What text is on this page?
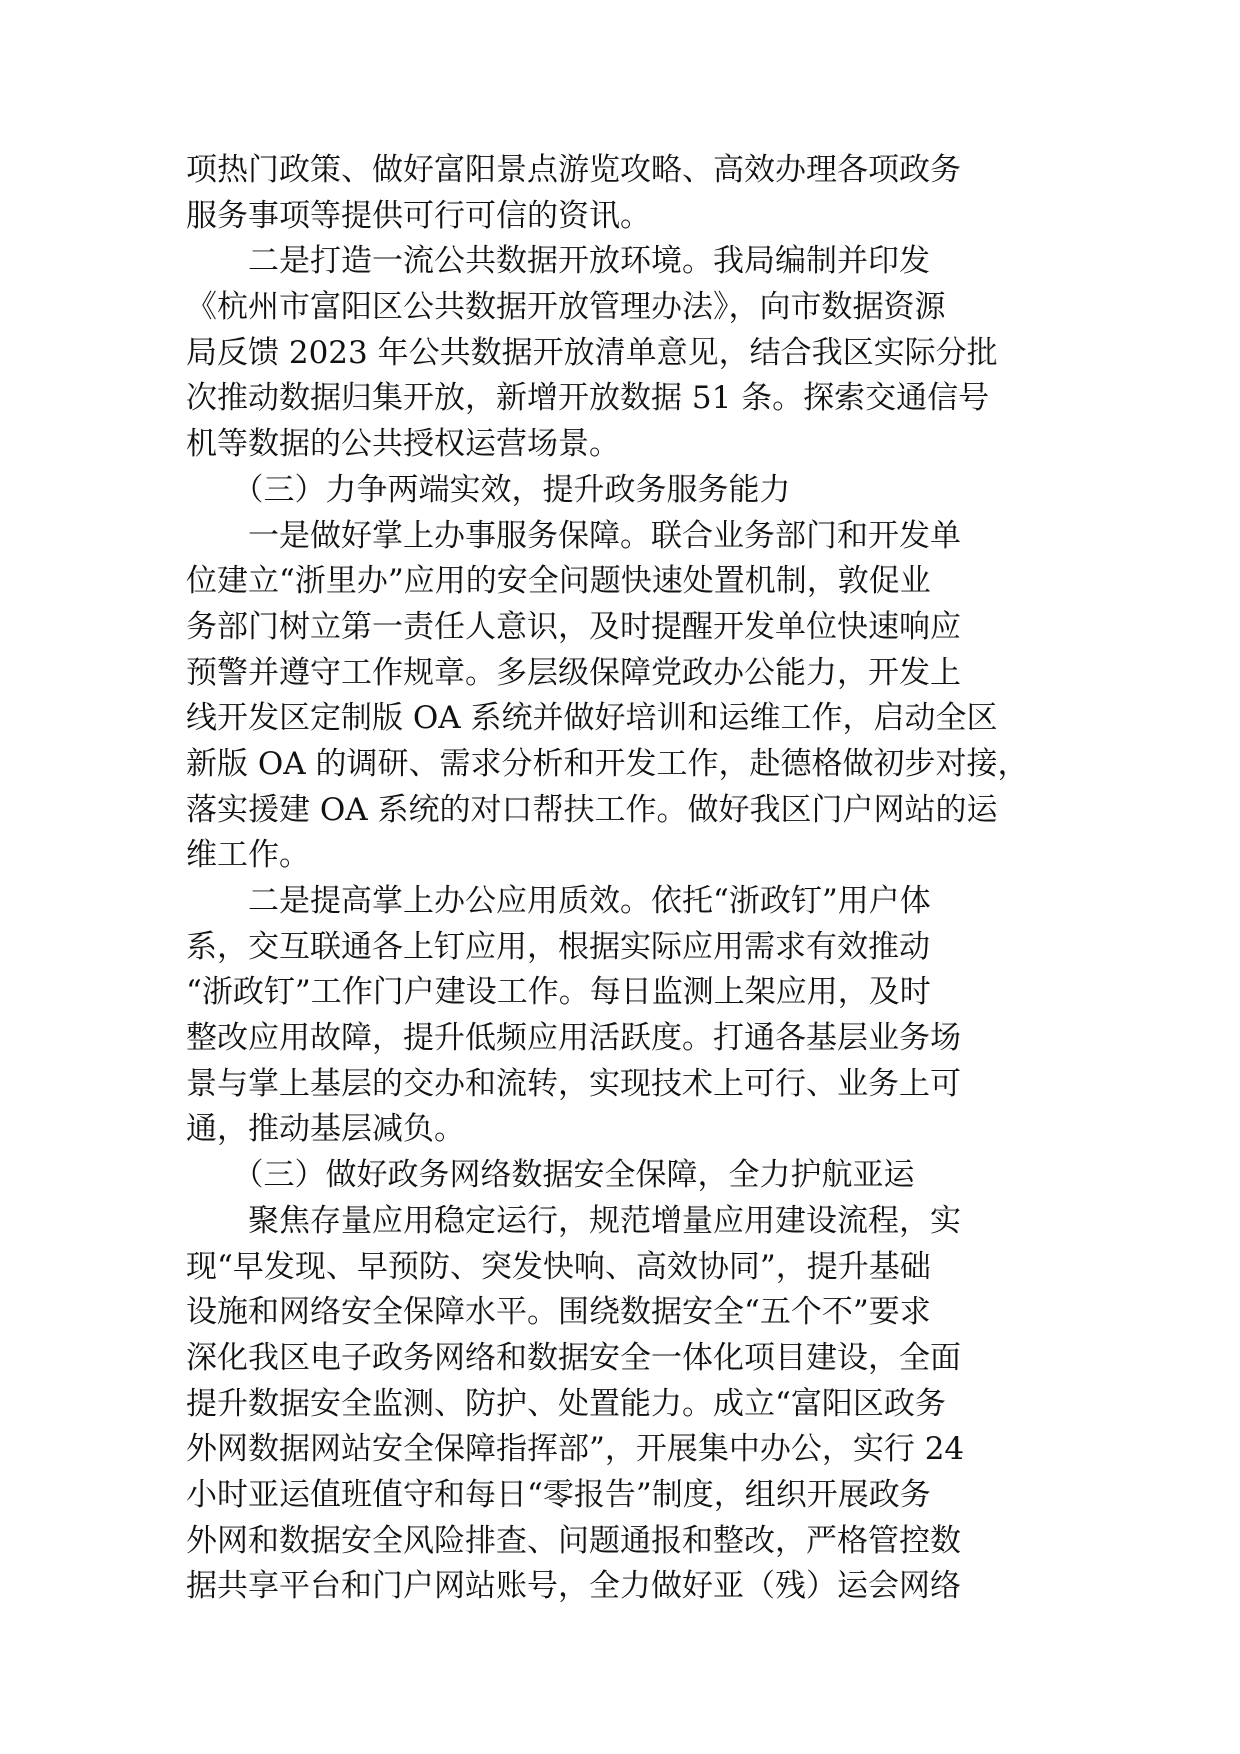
项热门政策、做好富阳景点游览攻略、高效办理各项政务
服务事项等提供可行可信的资讯。
　　二是打造一流公共数据开放环境。我局编制并印发
《杭州市富阳区公共数据开放管理办法》，向市数据资源
局反馈 2023 年公共数据开放清单意见，结合我区实际分批
次推动数据归集开放，新增开放数据 51 条。探索交通信号
机等数据的公共授权运营场景。
　　（三）力争两端实效，提升政务服务能力
　　一是做好掌上办事服务保障。联合业务部门和开发单
位建立“浙里办”应用的安全问题快速处置机制，敦促业
务部门树立第一责任人意识，及时提醒开发单位快速响应
预警并遵守工作规章。多层级保障党政办公能力，开发上
线开发区定制版 OA 系统并做好培训和运维工作，启动全区
新版 OA 的调研、需求分析和开发工作，赴德格做初步对接，
落实援建 OA 系统的对口帮扶工作。做好我区门户网站的运
维工作。
　　二是提高掌上办公应用质效。依托“浙政钉”用户体
系，交互联通各上钉应用，根据实际应用需求有效推动
“浙政钉”工作门户建设工作。每日监测上架应用，及时
整改应用故障，提升低频应用活跃度。打通各基层业务场
景与掌上基层的交办和流转，实现技术上可行、业务上可
通，推动基层减负。
　　（三）做好政务网络数据安全保障，全力护航亚运
　　聚焦存量应用稳定运行，规范增量应用建设流程，实
现“早发现、早预防、突发快响、高效协同”，提升基础
设施和网络安全保障水平。围绕数据安全“五个不”要求
深化我区电子政务网络和数据安全一体化项目建设，全面
提升数据安全监测、防护、处置能力。成立“富阳区政务
外网数据网站安全保障指挥部”，开展集中办公，实行 24
小时亚运值班值守和每日“零报告”制度，组织开展政务
外网和数据安全风险排查、问题通报和整改，严格管控数
据共享平台和门户网站账号，全力做好亚（残）运会网络
